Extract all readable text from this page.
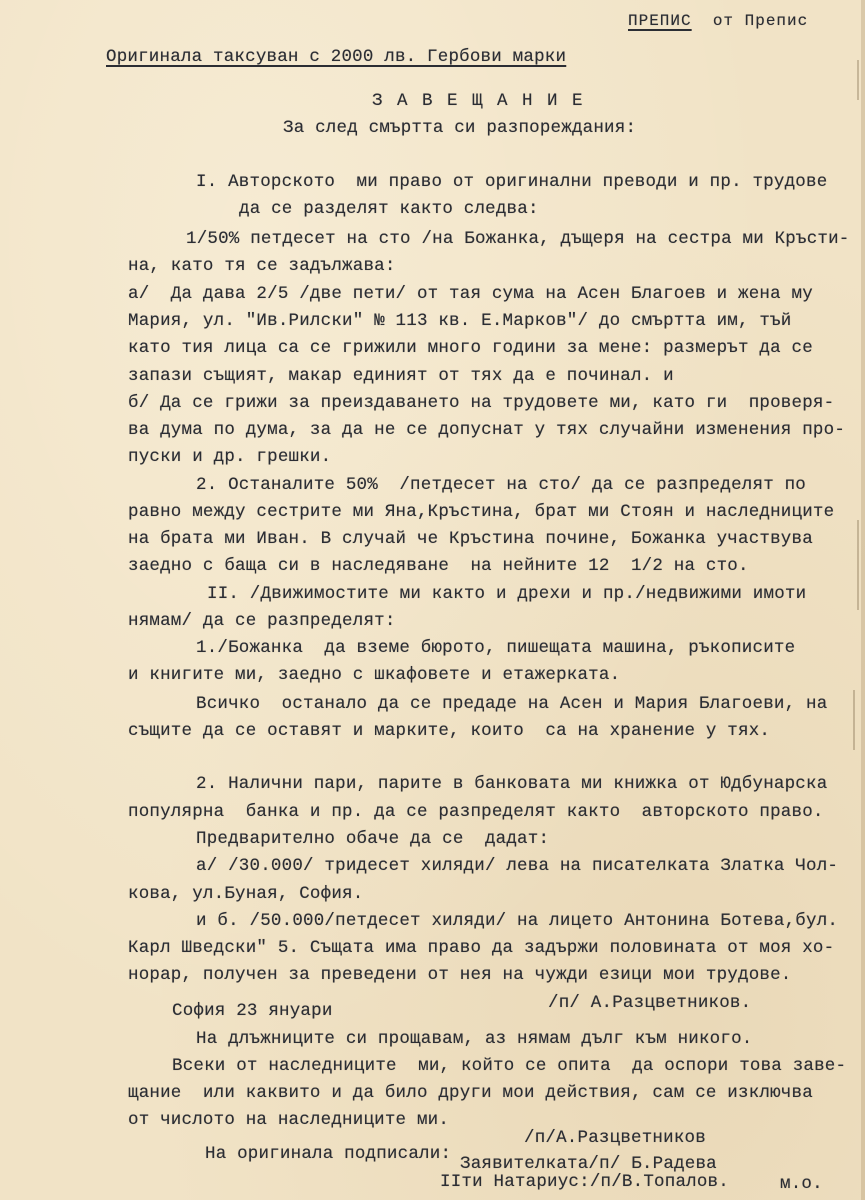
ПРЕПИС от Препис
Оригинала таксуван с 2000 лв. Гербови марки
З А В Е Щ А Н И Е
За след смъртта си разпореждания:
I. Авторското  ми право от оригинални преводи и пр. трудове
да се разделят както следва:
1/50% петдесет на сто /на Божанка, дъщеря на сестра ми Кръсти-
на, като тя се задължава:
а/  Да дава 2/5 /две пети/ от тая сума на Асен Благоев и жена му
Мария, ул. "Ив.Рилски" № 113 кв. Е.Марков"/ до смъртта им, тъй
като тия лица са се грижили много години за мене: размерът да се
запази същият, макар единият от тях да е починал. и
б/ Да се грижи за преиздаването на трудовете ми, като ги  проверя-
ва дума по дума, за да не се допуснат у тях случайни изменения про-
пуски и др. грешки.
2. Останалите 50%  /петдесет на сто/ да се разпределят по
равно между сестрите ми Яна,Кръстина, брат ми Стоян и наследниците
на брата ми Иван. В случай че Кръстина почине, Божанка участвува
заедно с баща си в наследяване  на нейните 12  1/2 на сто.
II. /Движимостите ми както и дрехи и пр./недвижими имоти
нямам/ да се разпределят:
1./Божанка  да вземе бюрото, пишещата машина, ръкописите
и книгите ми, заедно с шкафовете и етажерката.
Всичко  останало да се предаде на Асен и Мария Благоеви, на
същите да се оставят и марките, които  са на хранение у тях.
2. Налични пари, парите в банковата ми книжка от Юдбунарска
популярна  банка и пр. да се разпределят както  авторското право.
Предварително обаче да се  дадат:
а/ /30.000/ тридесет хиляди/ лева на писателката Златка Чол-
кова, ул.Буная, София.
и б. /50.000/петдесет хиляди/ на лицето Антонина Ботева,бул.
Карл Шведски" 5. Същата има право да задържи половината от моя хо-
норар, получен за преведени от нея на чужди езици мои трудове.
/п/ А.Разцветников.
София 23 януари
На длъжниците си прощавам, аз нямам дълг към никого.
Всеки от наследниците  ми, който се опита  да оспори това заве-
щание  или каквито и да било други мои действия, сам се изключва
от числото на наследниците ми.
/п/А.Разцветников
На оригинала подписали: Заявителката/п/ Б.Радева
IIти Натариус:/п/В.Топалов.	м.о.
